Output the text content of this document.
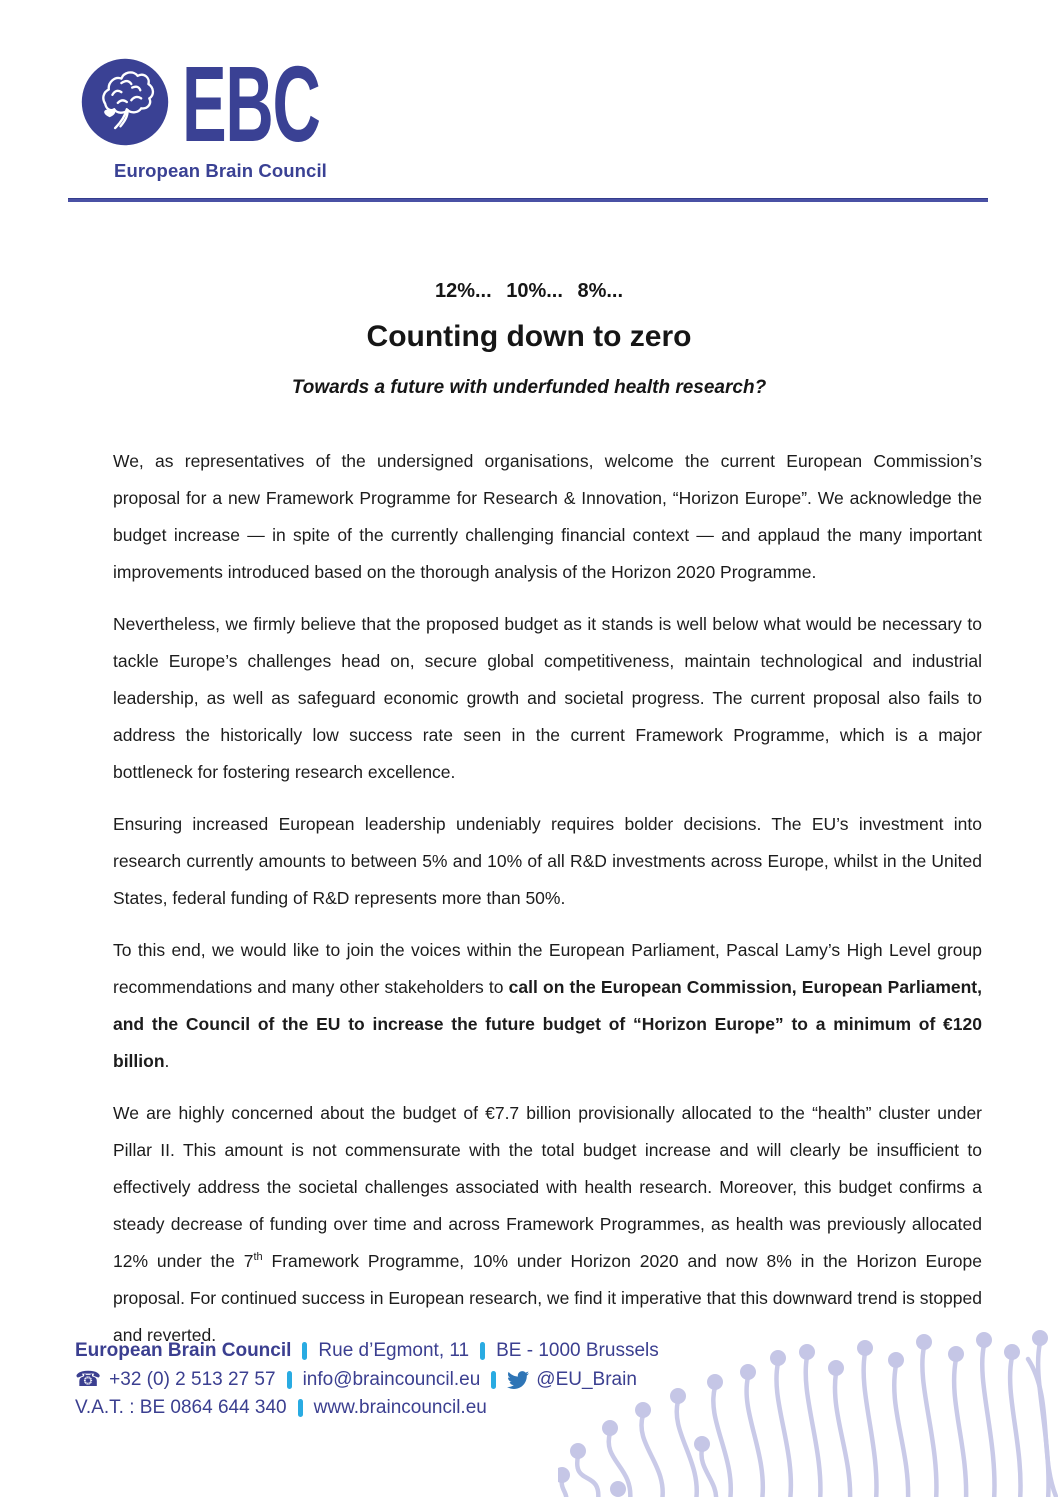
EBC
European Brain Council
12%... 10%... 8%...
Counting down to zero
Towards a future with underfunded health research?

We, as representatives of the undersigned organisations, welcome the current European Commission’s proposal for a new Framework Programme for Research & Innovation, “Horizon Europe”. We acknowledge the budget increase — in spite of the currently challenging financial context — and applaud the many important improvements introduced based on the thorough analysis of the Horizon 2020 Programme.

Nevertheless, we firmly believe that the proposed budget as it stands is well below what would be necessary to tackle Europe’s challenges head on, secure global competitiveness, maintain technological and industrial leadership, as well as safeguard economic growth and societal progress. The current proposal also fails to address the historically low success rate seen in the current Framework Programme, which is a major bottleneck for fostering research excellence.

Ensuring increased European leadership undeniably requires bolder decisions. The EU’s investment into research currently amounts to between 5% and 10% of all R&D investments across Europe, whilst in the United States, federal funding of R&D represents more than 50%.

To this end, we would like to join the voices within the European Parliament, Pascal Lamy’s High Level group recommendations and many other stakeholders to call on the European Commission, European Parliament, and the Council of the EU to increase the future budget of “Horizon Europe” to a minimum of €120 billion.

We are highly concerned about the budget of €7.7 billion provisionally allocated to the “health” cluster under Pillar II. This amount is not commensurate with the total budget increase and will clearly be insufficient to effectively address the societal challenges associated with health research. Moreover, this budget confirms a steady decrease of funding over time and across Framework Programmes, as health was previously allocated 12% under the 7th Framework Programme, 10% under Horizon 2020 and now 8% in the Horizon Europe proposal. For continued success in European research, we find it imperative that this downward trend is stopped and reverted.

European Brain Council Rue d’Egmont, 11 BE - 1000 Brussels
☎ +32 (0) 2 513 27 57 info@braincouncil.eu	@EU_Brain
V.A.T. : BE 0864 644 340 www.braincouncil.eu
